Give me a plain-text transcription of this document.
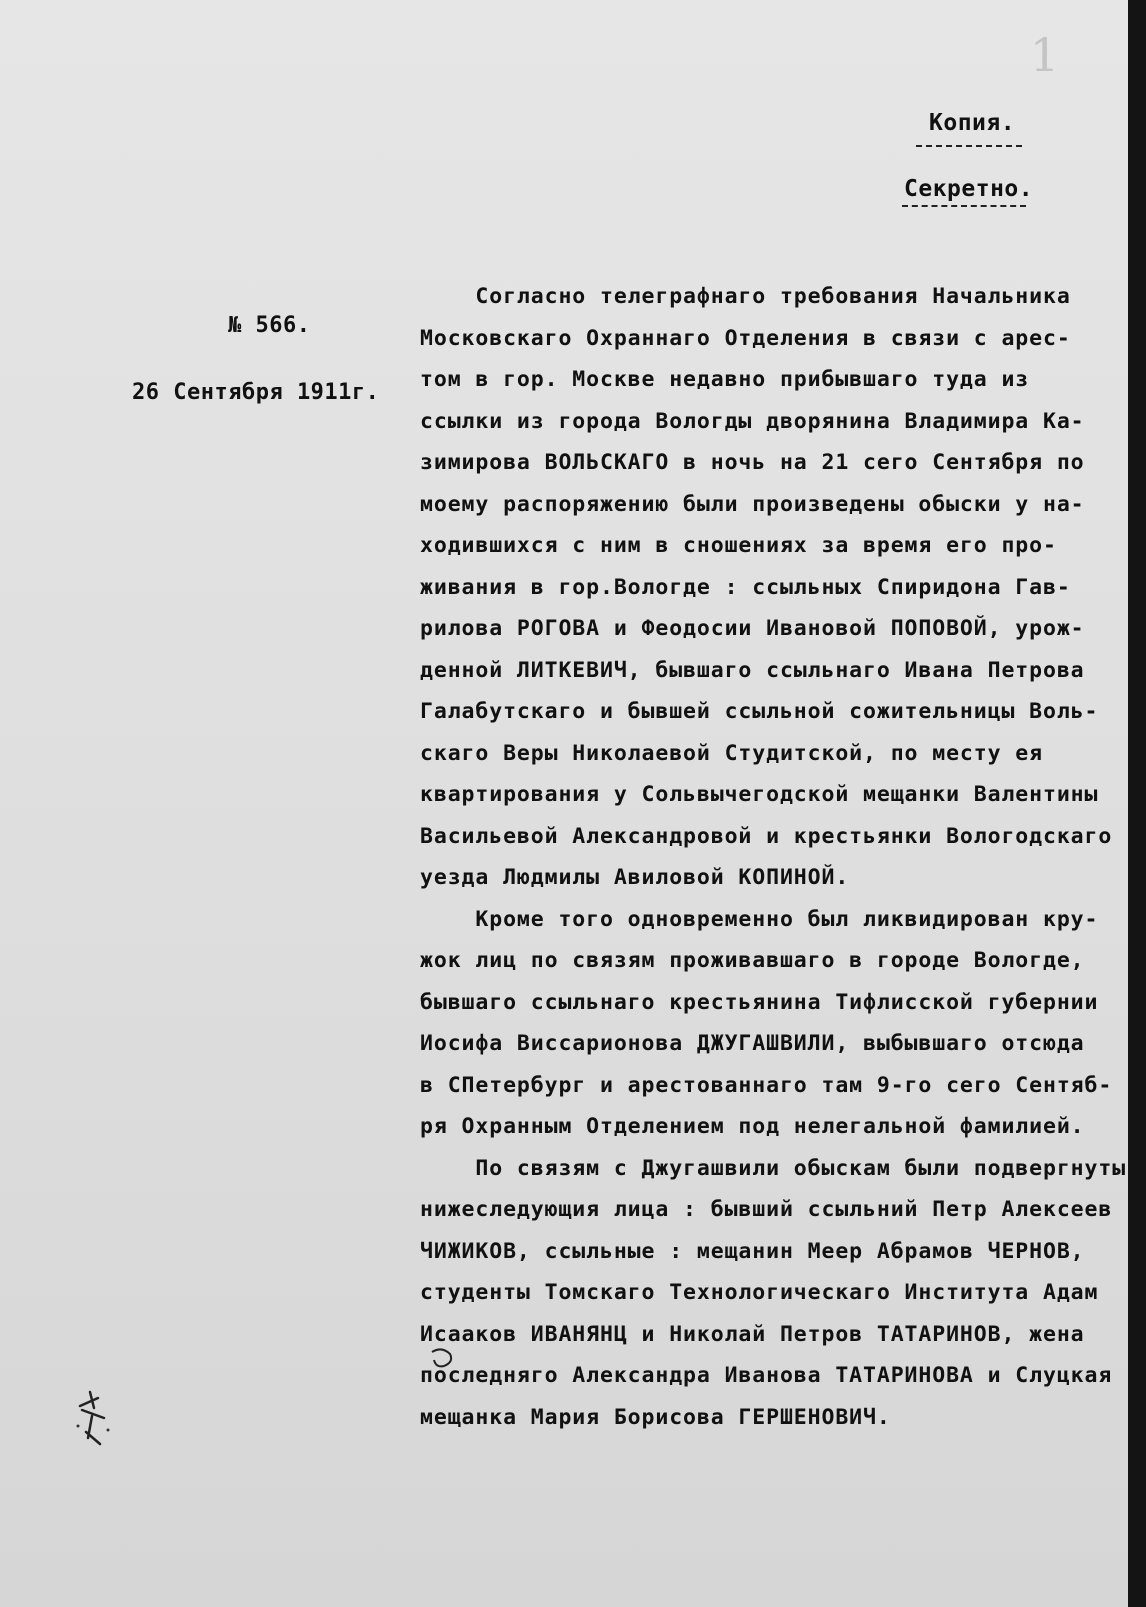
1
Копия.
Секретно.
№ 566.
26 Сентября 1911г.
Согласно телеграфнаго требования Начальника
Московскаго Охраннаго Отделения в связи с арес-
том в гор. Москве недавно прибывшаго туда из
ссылки из города Вологды дворянина Владимира Ка-
зимирова ВОЛЬСКАГО в ночь на 21 сего Сентября по
моему распоряжению были произведены обыски у на-
ходившихся с ним в сношениях за время его про-
живания в гор.Вологде : ссыльных Спиридона Гав-
рилова РОГОВА и Феодосии Ивановой ПОПОВОЙ, урож-
денной ЛИТКЕВИЧ, бывшаго ссыльнаго Ивана Петрова
Галабутскаго и бывшей ссыльной сожительницы Воль-
скаго Веры Николаевой Студитской, по месту ея
квартирования у Сольвычегодской мещанки Валентины
Васильевой Александровой и крестьянки Вологодскаго
уезда Людмилы Авиловой КОПИНОЙ.
Кроме того одновременно был ликвидирован кру-
жок лиц по связям проживавшаго в городе Вологде,
бывшаго ссыльнаго крестьянина Тифлисской губернии
Иосифа Виссарионова ДЖУГАШВИЛИ, выбывшаго отсюда
в СПетербург и арестованнаго там 9-го сего Сентяб-
ря Охранным Отделением под нелегальной фамилией.
По связям с Джугашвили обыскам были подвергнуты
нижеследующия лица : бывший ссыльний Петр Алексеев
ЧИЖИКОВ, ссыльные : мещанин Меер Абрамов ЧЕРНОВ,
студенты Томскаго Технологическаго Института Адам
Исааков ИВАНЯНЦ и Николай Петров ТАТАРИНОВ, жена
последняго Александра Иванова ТАТАРИНОВА и Слуцкая
мещанка Мария Борисова ГЕРШЕНОВИЧ.
